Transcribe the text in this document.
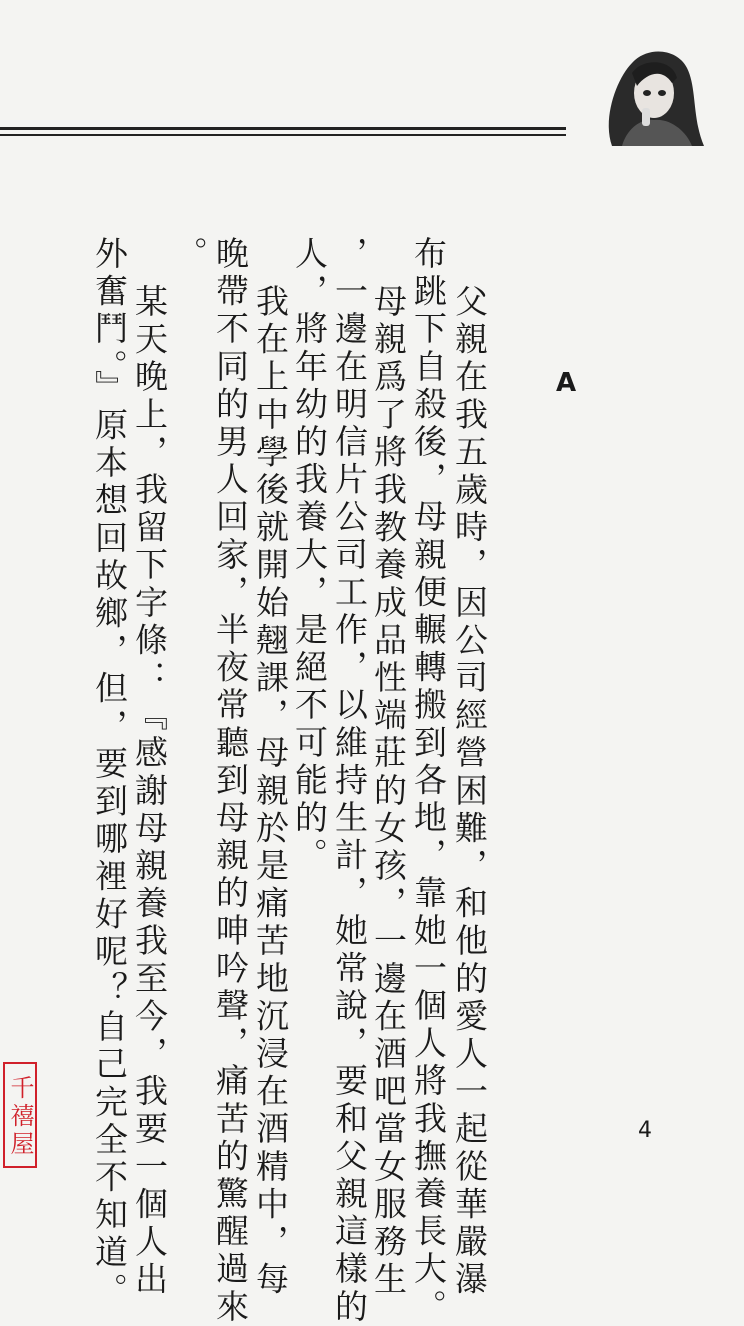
A
父親在我五歲時，因公司經營困難，和他的愛人一起從華嚴瀑
布跳下自殺後，母親便輾轉搬到各地，靠她一個人將我撫養長大。
母親爲了將我教養成品性端莊的女孩，一邊在酒吧當女服務生
，一邊在明信片公司工作，以維持生計，她常說，要和父親這樣的
人，將年幼的我養大，是絕不可能的。
我在上中學後就開始翹課，母親於是痛苦地沉浸在酒精中，每
晚帶不同的男人回家，半夜常聽到母親的呻吟聲，痛苦的驚醒過來
。
某天晚上，我留下字條：『感謝母親養我至今，我要一個人出
外奮鬥。』原本想回故鄉，但，要到哪裡好呢？自己完全不知道。	4
千禧屋
